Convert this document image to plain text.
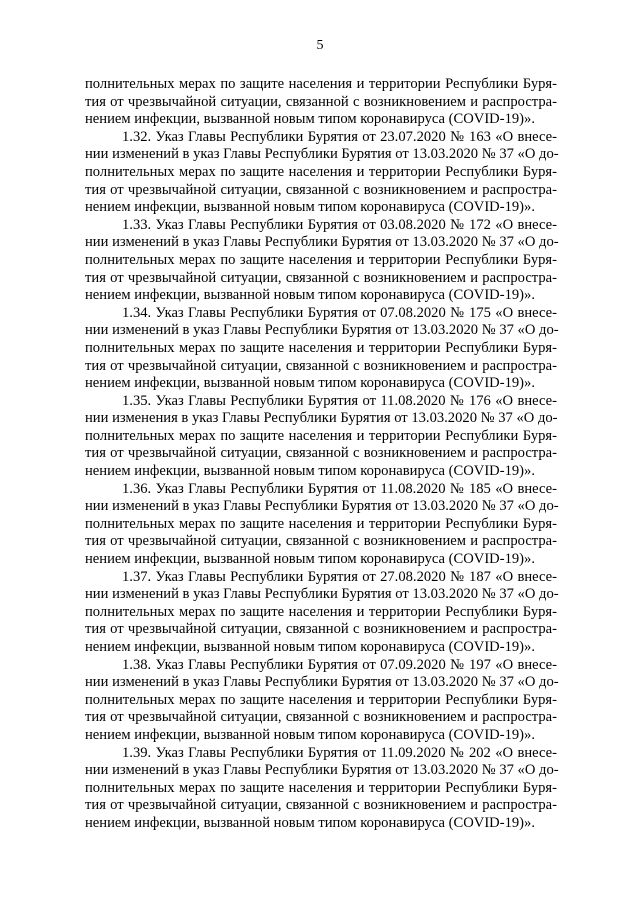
5
полнительных мерах по защите населения и территории Республики Буря-
тия от чрезвычайной ситуации, связанной с возникновением и распростра-
нением инфекции, вызванной новым типом коронавируса (COVID-19)».
1.32. Указ Главы Республики Бурятия от 23.07.2020 № 163 «О внесе-
нии изменений в указ Главы Республики Бурятия от 13.03.2020 № 37 «О до-
полнительных мерах по защите населения и территории Республики Буря-
тия от чрезвычайной ситуации, связанной с возникновением и распростра-
нением инфекции, вызванной новым типом коронавируса (COVID-19)».
1.33. Указ Главы Республики Бурятия от 03.08.2020 № 172 «О внесе-
нии изменений в указ Главы Республики Бурятия от 13.03.2020 № 37 «О до-
полнительных мерах по защите населения и территории Республики Буря-
тия от чрезвычайной ситуации, связанной с возникновением и распростра-
нением инфекции, вызванной новым типом коронавируса (COVID-19)».
1.34. Указ Главы Республики Бурятия от 07.08.2020 № 175 «О внесе-
нии изменений в указ Главы Республики Бурятия от 13.03.2020 № 37 «О до-
полнительных мерах по защите населения и территории Республики Буря-
тия от чрезвычайной ситуации, связанной с возникновением и распростра-
нением инфекции, вызванной новым типом коронавируса (COVID-19)».
1.35. Указ Главы Республики Бурятия от 11.08.2020 № 176 «О внесе-
нии изменения в указ Главы Республики Бурятия от 13.03.2020 № 37 «О до-
полнительных мерах по защите населения и территории Республики Буря-
тия от чрезвычайной ситуации, связанной с возникновением и распростра-
нением инфекции, вызванной новым типом коронавируса (COVID-19)».
1.36. Указ Главы Республики Бурятия от 11.08.2020 № 185 «О внесе-
нии изменений в указ Главы Республики Бурятия от 13.03.2020 № 37 «О до-
полнительных мерах по защите населения и территории Республики Буря-
тия от чрезвычайной ситуации, связанной с возникновением и распростра-
нением инфекции, вызванной новым типом коронавируса (COVID-19)».
1.37. Указ Главы Республики Бурятия от 27.08.2020 № 187 «О внесе-
нии изменений в указ Главы Республики Бурятия от 13.03.2020 № 37 «О до-
полнительных мерах по защите населения и территории Республики Буря-
тия от чрезвычайной ситуации, связанной с возникновением и распростра-
нением инфекции, вызванной новым типом коронавируса (COVID-19)».
1.38. Указ Главы Республики Бурятия от 07.09.2020 № 197 «О внесе-
нии изменений в указ Главы Республики Бурятия от 13.03.2020 № 37 «О до-
полнительных мерах по защите населения и территории Республики Буря-
тия от чрезвычайной ситуации, связанной с возникновением и распростра-
нением инфекции, вызванной новым типом коронавируса (COVID-19)».
1.39. Указ Главы Республики Бурятия от 11.09.2020 № 202 «О внесе-
нии изменений в указ Главы Республики Бурятия от 13.03.2020 № 37 «О до-
полнительных мерах по защите населения и территории Республики Буря-
тия от чрезвычайной ситуации, связанной с возникновением и распростра-
нением инфекции, вызванной новым типом коронавируса (COVID-19)».
